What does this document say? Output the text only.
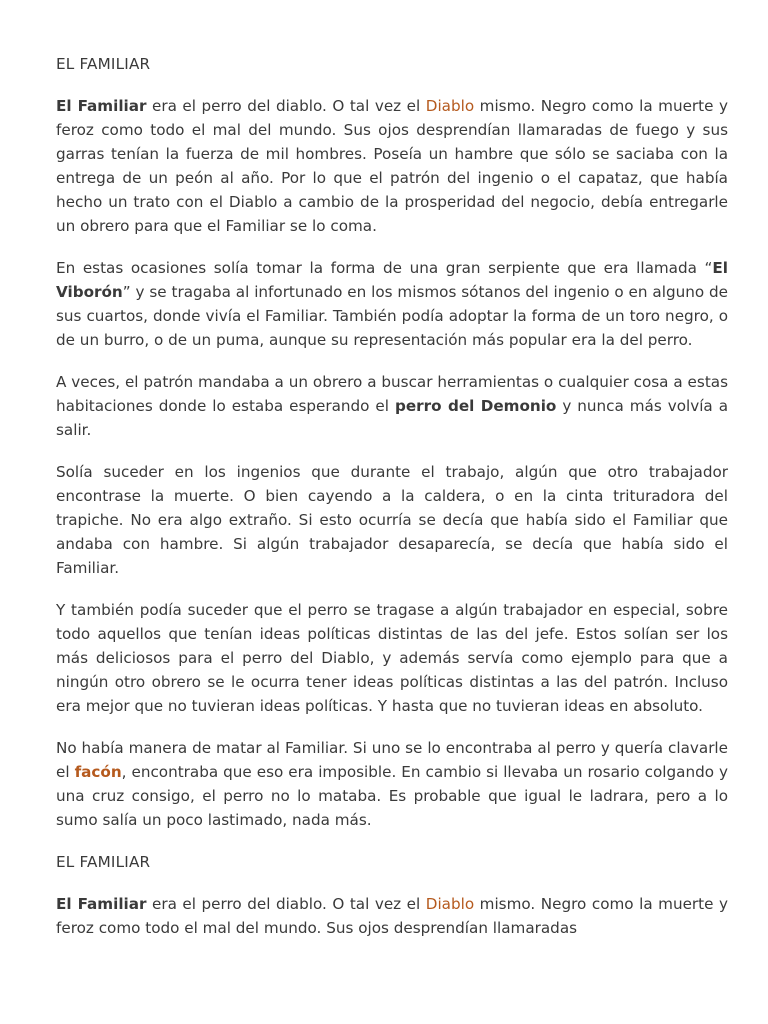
EL FAMILIAR

El Familiar era el perro del diablo. O tal vez el Diablo mismo. Negro como la muerte y feroz como todo el mal del mundo. Sus ojos desprendían llamaradas de fuego y sus garras tenían la fuerza de mil hombres. Poseía un hambre que sólo se saciaba con la entrega de un peón al año. Por lo que el patrón del ingenio o el capataz, que había hecho un trato con el Diablo a cambio de la prosperidad del negocio, debía entregarle un obrero para que el Familiar se lo coma.

En estas ocasiones solía tomar la forma de una gran serpiente que era llamada “El Viborón” y se tragaba al infortunado en los mismos sótanos del ingenio o en alguno de sus cuartos, donde vivía el Familiar. También podía adoptar la forma de un toro negro, o de un burro, o de un puma, aunque su representación más popular era la del perro.

A veces, el patrón mandaba a un obrero a buscar herramientas o cualquier cosa a estas habitaciones donde lo estaba esperando el perro del Demonio y nunca más volvía a salir.

Solía suceder en los ingenios que durante el trabajo, algún que otro trabajador encontrase la muerte. O bien cayendo a la caldera, o en la cinta trituradora del trapiche. No era algo extraño. Si esto ocurría se decía que había sido el Familiar que andaba con hambre. Si algún trabajador desaparecía, se decía que había sido el Familiar.

Y también podía suceder que el perro se tragase a algún trabajador en especial, sobre todo aquellos que tenían ideas políticas distintas de las del jefe. Estos solían ser los más deliciosos para el perro del Diablo, y además servía como ejemplo para que a ningún otro obrero se le ocurra tener ideas políticas distintas a las del patrón. Incluso era mejor que no tuvieran ideas políticas. Y hasta que no tuvieran ideas en absoluto.

No había manera de matar al Familiar. Si uno se lo encontraba al perro y quería clavarle el facón, encontraba que eso era imposible. En cambio si llevaba un rosario colgando y una cruz consigo, el perro no lo mataba. Es probable que igual le ladrara, pero a lo sumo salía un poco lastimado, nada más.

EL FAMILIAR

El Familiar era el perro del diablo. O tal vez el Diablo mismo. Negro como la muerte y feroz como todo el mal del mundo. Sus ojos desprendían llamaradas
